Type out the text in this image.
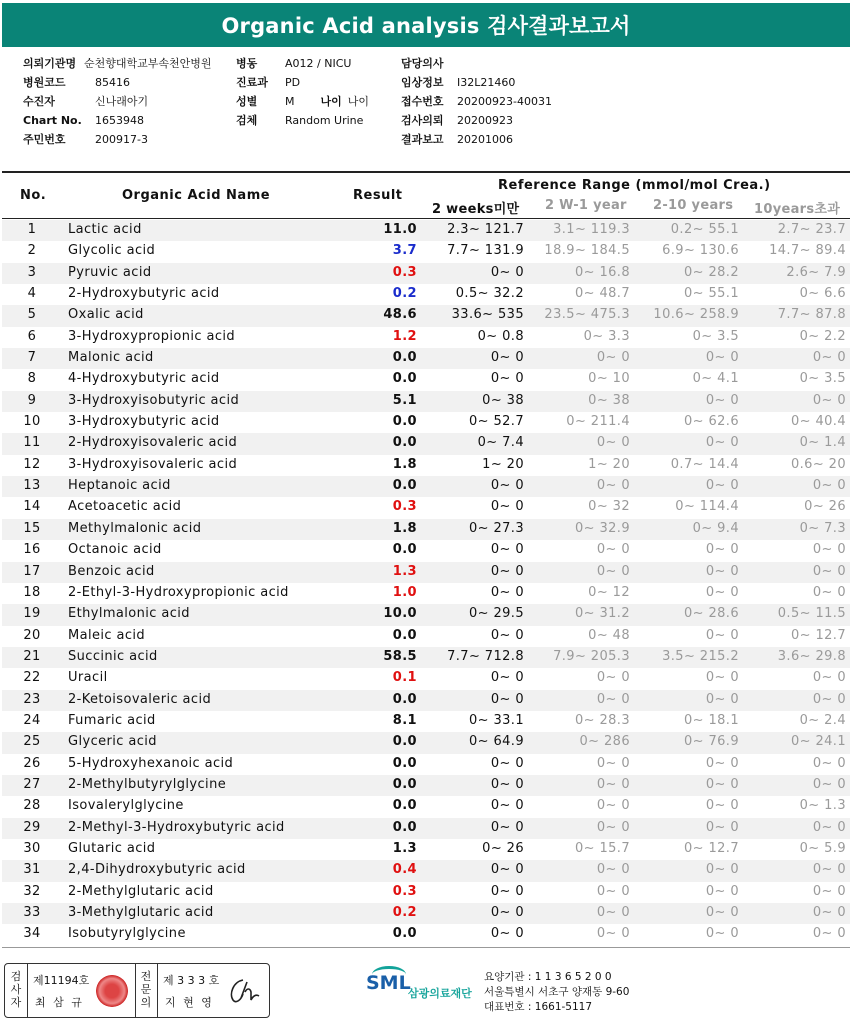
Organic Acid analysis 검사결과보고서
의뢰기관명 순천향대학교부속천안병원
병원코드	85416
수진자	신나래아기
Chart No. 1653948
주민번호	200917-3
병동	A012 / NICU
진료과 PD
성별	M 나이 나이
검체	Random Urine
담당의사
임상정보 I32L21460
접수번호 20200923-40031
검사의뢰 20200923
결과보고 20201006
No.	Organic Acid Name	Result
Reference Range (mmol/mol Crea.)
2 weeks미만 2 W-1 year 2-10 years 10years초과
1	Lactic acid	11.0	2.3~ 121.7	3.1~ 119.3	0.2~ 55.1	2.7~ 23.7
2	Glycolic acid	3.7	7.7~ 131.9	18.9~ 184.5	6.9~ 130.6	14.7~ 89.4
3	Pyruvic acid	0.3	0~ 0	0~ 16.8	0~ 28.2	2.6~ 7.9
4	2-Hydroxybutyric acid	0.2	0.5~ 32.2	0~ 48.7	0~ 55.1	0~ 6.6
5	Oxalic acid	48.6	33.6~ 535	23.5~ 475.3	10.6~ 258.9	7.7~ 87.8
6	3-Hydroxypropionic acid	1.2	0~ 0.8	0~ 3.3	0~ 3.5	0~ 2.2
7	Malonic acid	0.0	0~ 0	0~ 0	0~ 0	0~ 0
8	4-Hydroxybutyric acid	0.0	0~ 0	0~ 10	0~ 4.1	0~ 3.5
9	3-Hydroxyisobutyric acid	5.1	0~ 38	0~ 38	0~ 0	0~ 0
10	3-Hydroxybutyric acid	0.0	0~ 52.7	0~ 211.4	0~ 62.6	0~ 40.4
11	2-Hydroxyisovaleric acid	0.0	0~ 7.4	0~ 0	0~ 0	0~ 1.4
12	3-Hydroxyisovaleric acid	1.8	1~ 20	1~ 20	0.7~ 14.4	0.6~ 20
13	Heptanoic acid	0.0	0~ 0	0~ 0	0~ 0	0~ 0
14	Acetoacetic acid	0.3	0~ 0	0~ 32	0~ 114.4	0~ 26
15	Methylmalonic acid	1.8	0~ 27.3	0~ 32.9	0~ 9.4	0~ 7.3
16	Octanoic acid	0.0	0~ 0	0~ 0	0~ 0	0~ 0
17	Benzoic acid	1.3	0~ 0	0~ 0	0~ 0	0~ 0
18	2-Ethyl-3-Hydroxypropionic acid	1.0	0~ 0	0~ 12	0~ 0	0~ 0
19	Ethylmalonic acid	10.0	0~ 29.5	0~ 31.2	0~ 28.6	0.5~ 11.5
20	Maleic acid	0.0	0~ 0	0~ 48	0~ 0	0~ 12.7
21	Succinic acid	58.5	7.7~ 712.8	7.9~ 205.3	3.5~ 215.2	3.6~ 29.8
22	Uracil	0.1	0~ 0	0~ 0	0~ 0	0~ 0
23	2-Ketoisovaleric acid	0.0	0~ 0	0~ 0	0~ 0	0~ 0
24	Fumaric acid	8.1	0~ 33.1	0~ 28.3	0~ 18.1	0~ 2.4
25	Glyceric acid	0.0	0~ 64.9	0~ 286	0~ 76.9	0~ 24.1
26	5-Hydroxyhexanoic acid	0.0	0~ 0	0~ 0	0~ 0	0~ 0
27	2-Methylbutyrylglycine	0.0	0~ 0	0~ 0	0~ 0	0~ 0
28	Isovalerylglycine	0.0	0~ 0	0~ 0	0~ 0	0~ 1.3
29	2-Methyl-3-Hydroxybutyric acid	0.0	0~ 0	0~ 0	0~ 0	0~ 0
30	Glutaric acid	1.3	0~ 26	0~ 15.7	0~ 12.7	0~ 5.9
31	2,4-Dihydroxybutyric acid	0.4	0~ 0	0~ 0	0~ 0	0~ 0
32	2-Methylglutaric acid	0.3	0~ 0	0~ 0	0~ 0	0~ 0
33	3-Methylglutaric acid	0.2	0~ 0	0~ 0	0~ 0	0~ 0
34	Isobutyrylglycine	0.0	0~ 0	0~ 0	0~ 0	0~ 0
검사자
제11194호
최 삼 규
전문의
제 3 3 3 호
지 현 영
SML
삼광의료재단
요양기관 : 1 1 3 6 5 2 0 0
서울특별시 서초구 양재동 9-60
대표번호 : 1661-5117
